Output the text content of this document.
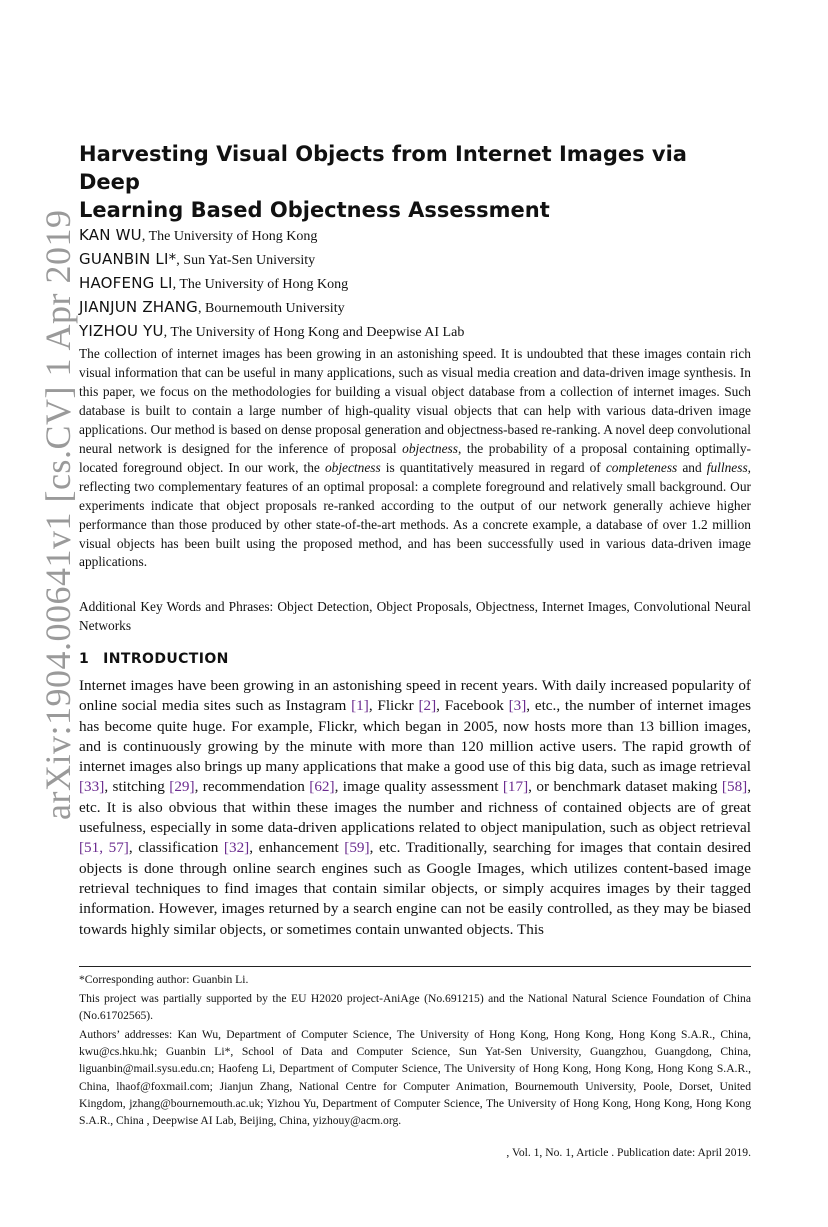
arXiv:1904.00641v1 [cs.CV] 1 Apr 2019
Harvesting Visual Objects from Internet Images via Deep
Learning Based Objectness Assessment
KAN WU, The University of Hong Kong
GUANBIN LI*, Sun Yat-Sen University
HAOFENG LI, The University of Hong Kong
JIANJUN ZHANG, Bournemouth University
YIZHOU YU, The University of Hong Kong and Deepwise AI Lab

The collection of internet images has been growing in an astonishing speed. It is undoubted that these images contain rich visual information that can be useful in many applications, such as visual media creation and data-driven image synthesis. In this paper, we focus on the methodologies for building a visual object database from a collection of internet images. Such database is built to contain a large number of high-quality visual objects that can help with various data-driven image applications. Our method is based on dense proposal generation and objectness-based re-ranking. A novel deep convolutional neural network is designed for the inference of proposal objectness, the probability of a proposal containing optimally-located foreground object. In our work, the objectness is quantitatively measured in regard of completeness and fullness, reflecting two complementary features of an optimal proposal: a complete foreground and relatively small background. Our experiments indicate that object proposals re-ranked according to the output of our network generally achieve higher performance than those produced by other state-of-the-art methods. As a concrete example, a database of over 1.2 million visual objects has been built using the proposed method, and has been successfully used in various data-driven image applications.

Additional Key Words and Phrases: Object Detection, Object Proposals, Objectness, Internet Images, Convolutional Neural Networks

1 INTRODUCTION

Internet images have been growing in an astonishing speed in recent years. With daily increased popularity of online social media sites such as Instagram [1], Flickr [2], Facebook [3], etc., the number of internet images has become quite huge. For example, Flickr, which began in 2005, now hosts more than 13 billion images, and is continuously growing by the minute with more than 120 million active users. The rapid growth of internet images also brings up many applications that make a good use of this big data, such as image retrieval [33], stitching [29], recommendation [62], image quality assessment [17], or benchmark dataset making [58], etc. It is also obvious that within these images the number and richness of contained objects are of great usefulness, especially in some data-driven applications related to object manipulation, such as object retrieval [51, 57], classification [32], enhancement [59], etc. Traditionally, searching for images that contain desired objects is done through online search engines such as Google Images, which utilizes content-based image retrieval techniques to find images that contain similar objects, or simply acquires images by their tagged information. However, images returned by a search engine can not be easily controlled, as they may be biased towards highly similar objects, or sometimes contain unwanted objects. This

*Corresponding author: Guanbin Li.

This project was partially supported by the EU H2020 project-AniAge (No.691215) and the National Natural Science Foundation of China (No.61702565).

Authors’ addresses: Kan Wu, Department of Computer Science, The University of Hong Kong, Hong Kong, Hong Kong S.A.R., China, kwu@cs.hku.hk; Guanbin Li*, School of Data and Computer Science, Sun Yat-Sen University, Guangzhou, Guangdong, China, liguanbin@mail.sysu.edu.cn; Haofeng Li, Department of Computer Science, The University of Hong Kong, Hong Kong, Hong Kong S.A.R., China, lhaof@foxmail.com; Jianjun Zhang, National Centre for Computer Animation, Bournemouth University, Poole, Dorset, United Kingdom, jzhang@bournemouth.ac.uk; Yizhou Yu, Department of Computer Science, The University of Hong Kong, Hong Kong, Hong Kong S.A.R., China , Deepwise AI Lab, Beijing, China, yizhouy@acm.org.

, Vol. 1, No. 1, Article . Publication date: April 2019.
